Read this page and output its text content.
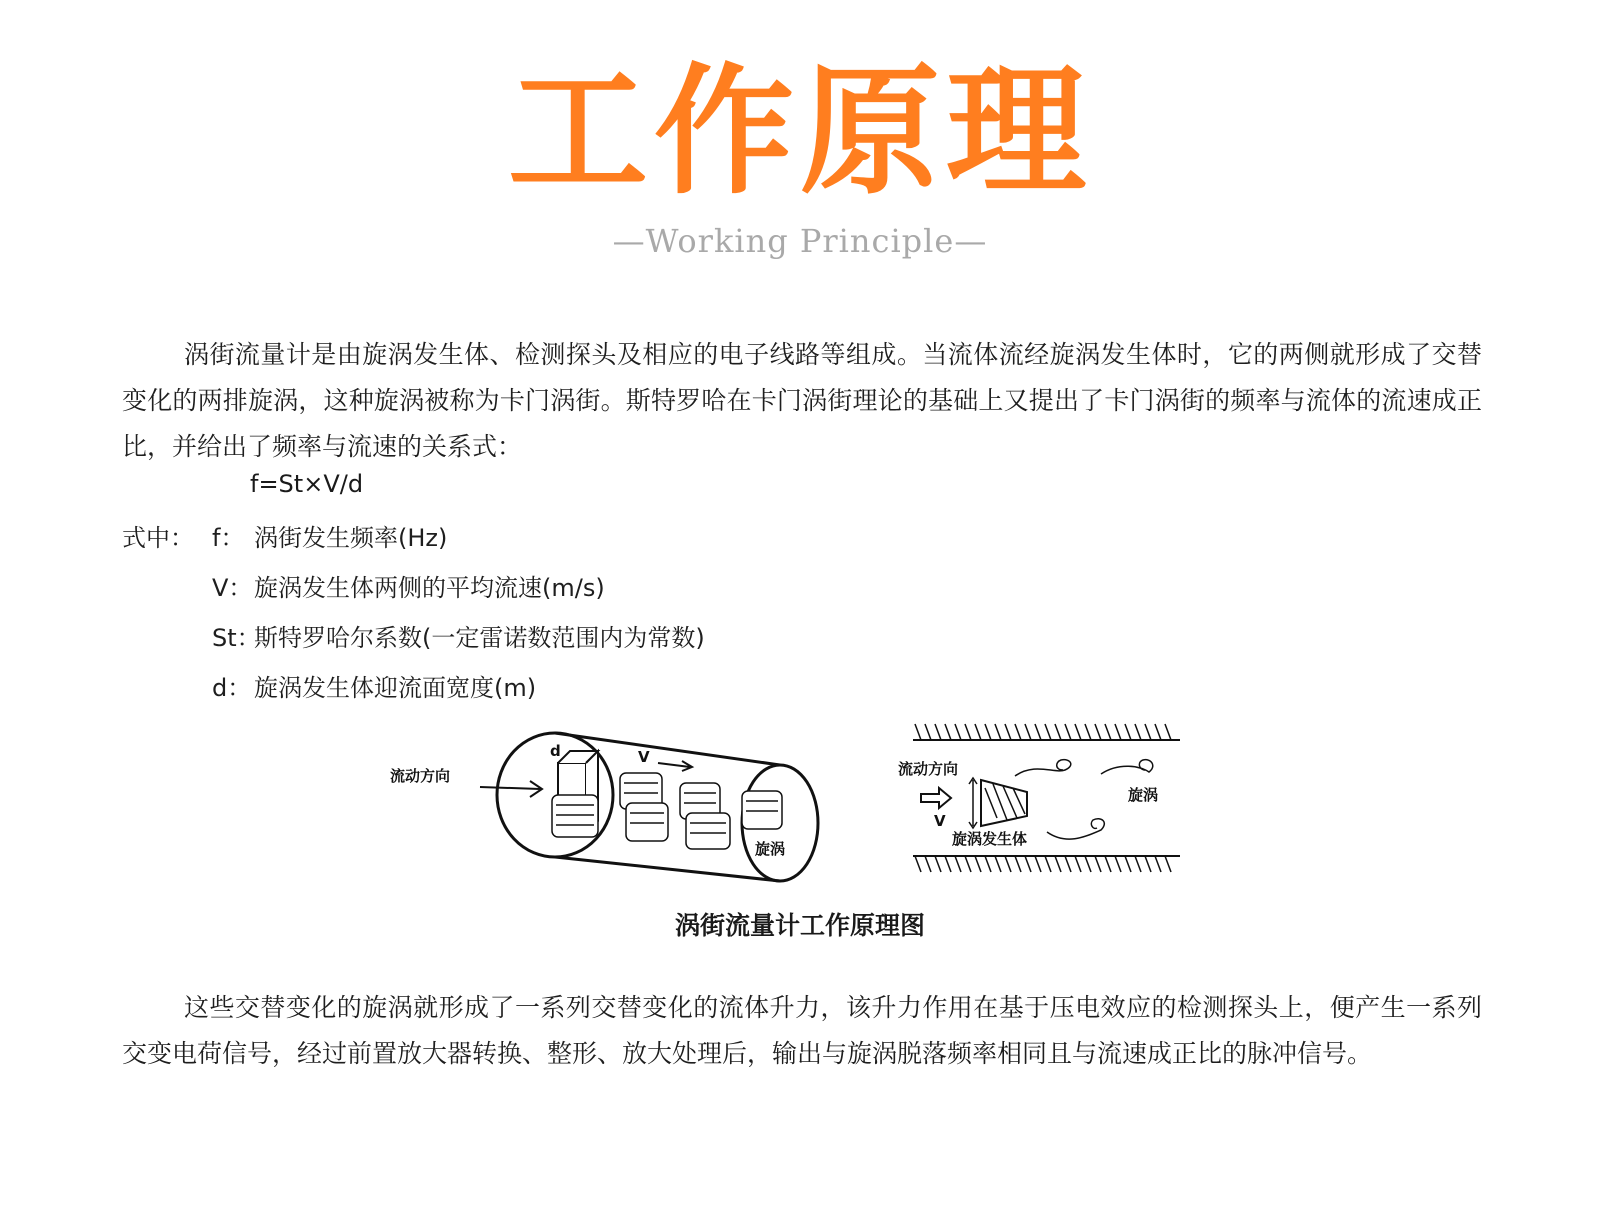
工作原理
—Working Principle—

涡街流量计是由旋涡发生体、检测探头及相应的电子线路等组成。当流体流经旋涡发生体时，它的两侧就形成了交替变化的两排旋涡，这种旋涡被称为卡门涡街。斯特罗哈在卡门涡街理论的基础上又提出了卡门涡街的频率与流体的流速成正比，并给出了频率与流速的关系式：

f=St×V/d
式中： f： 涡街发生频率(Hz)
V：旋涡发生体两侧的平均流速(m/s)
St：斯特罗哈尔系数(一定雷诺数范围内为常数)
d： 旋涡发生体迎流面宽度(m)
流动方向
V
d
旋涡
流动方向
V
旋涡
旋涡发生体
涡街流量计工作原理图

这些交替变化的旋涡就形成了一系列交替变化的流体升力，该升力作用在基于压电效应的检测探头上，便产生一系列交变电荷信号，经过前置放大器转换、整形、放大处理后，输出与旋涡脱落频率相同且与流速成正比的脉冲信号。
